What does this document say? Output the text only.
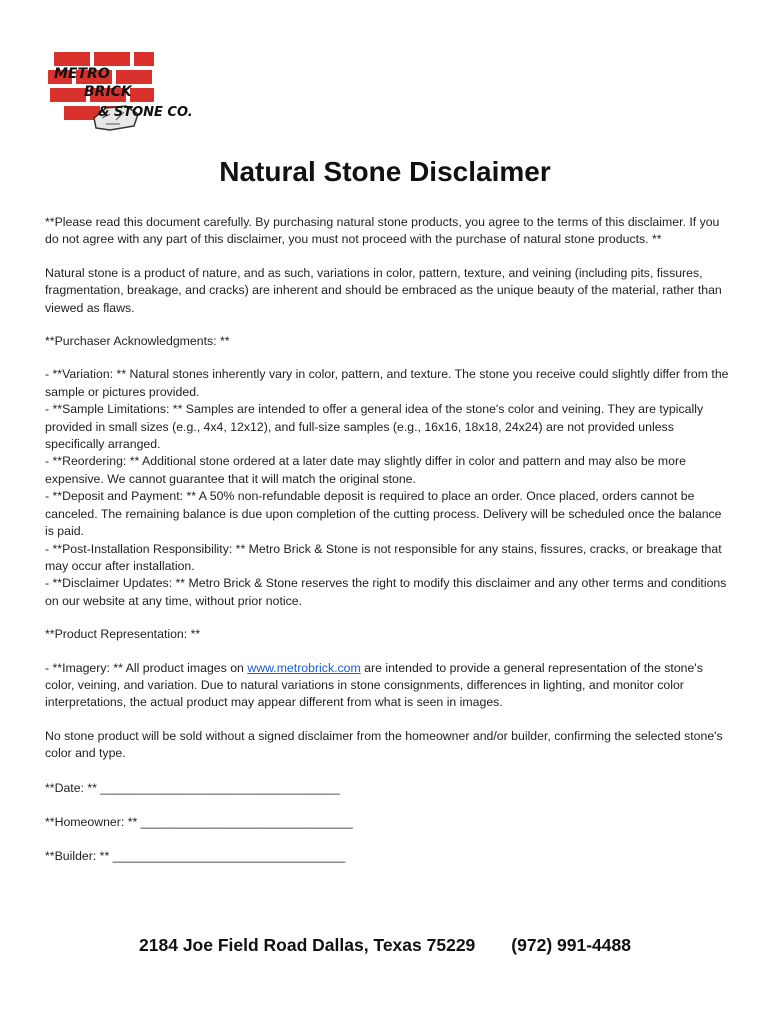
METRO
BRICK
& STONE CO.
Natural Stone Disclaimer

**Please read this document carefully. By purchasing natural stone products, you agree to the terms of this disclaimer. If you do not agree with any part of this disclaimer, you must not proceed with the purchase of natural stone products. **

Natural stone is a product of nature, and as such, variations in color, pattern, texture, and veining (including pits, fissures, fragmentation, breakage, and cracks) are inherent and should be embraced as the unique beauty of the material, rather than viewed as flaws.

**Purchaser Acknowledgments: **

- **Variation: ** Natural stones inherently vary in color, pattern, and texture. The stone you receive could slightly differ from the sample or pictures provided.

- **Sample Limitations: ** Samples are intended to offer a general idea of the stone's color and veining. They are typically provided in small sizes (e.g., 4x4, 12x12), and full-size samples (e.g., 16x16, 18x18, 24x24) are not provided unless specifically arranged.

- **Reordering: ** Additional stone ordered at a later date may slightly differ in color and pattern and may also be more expensive. We cannot guarantee that it will match the original stone.

- **Deposit and Payment: ** A 50% non-refundable deposit is required to place an order. Once placed, orders cannot be canceled. The remaining balance is due upon completion of the cutting process. Delivery will be scheduled once the balance is paid.

- **Post-Installation Responsibility: ** Metro Brick & Stone is not responsible for any stains, fissures, cracks, or breakage that may occur after installation.

- **Disclaimer Updates: ** Metro Brick & Stone reserves the right to modify this disclaimer and any other terms and conditions on our website at any time, without prior notice.

**Product Representation: **

- **Imagery: ** All product images on www.metrobrick.com are intended to provide a general representation of the stone's color, veining, and variation. Due to natural variations in stone consignments, differences in lighting, and monitor color interpretations, the actual product may appear different from what is seen in images.

No stone product will be sold without a signed disclaimer from the homeowner and/or builder, confirming the selected stone's color and type.

**Date: ** ___________________________________

**Homeowner: ** _______________________________

**Builder: ** __________________________________

2184 Joe Field Road Dallas, Texas 75229 (972) 991-4488
